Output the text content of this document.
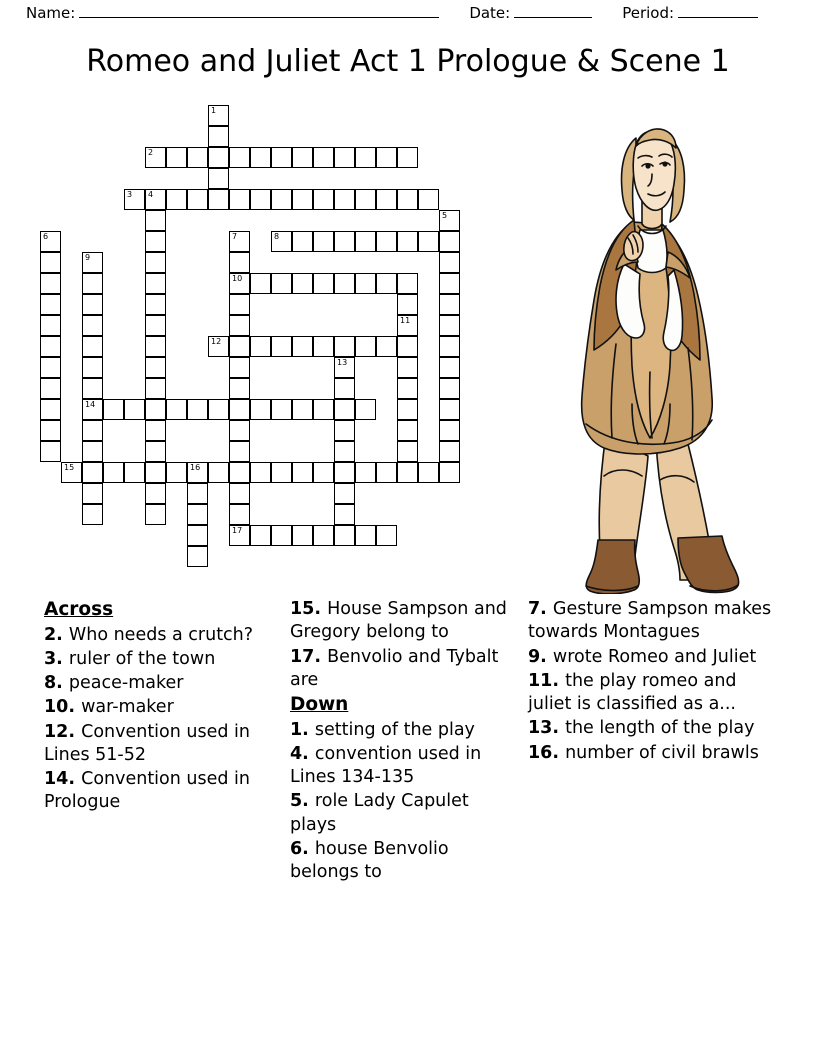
Name:	Date:	Period:
Romeo and Juliet Act 1 Prologue & Scene 1
1
2
3 4
5
6	7	8
9
10
11
12
13
14
15	16
17
Across
2. Who needs a crutch?
3. ruler of the town
8. peace-maker
10. war-maker
12. Convention used in Lines 51-52
14. Convention used in Prologue
15. House Sampson and Gregory belong to
17. Benvolio and Tybalt are
Down
1. setting of the play
4. convention used in Lines 134-135
5. role Lady Capulet plays
6. house Benvolio belongs to
7. Gesture Sampson makes towards Montagues
9. wrote Romeo and Juliet
11. the play romeo and juliet is classified as a...
13. the length of the play
16. number of civil brawls
